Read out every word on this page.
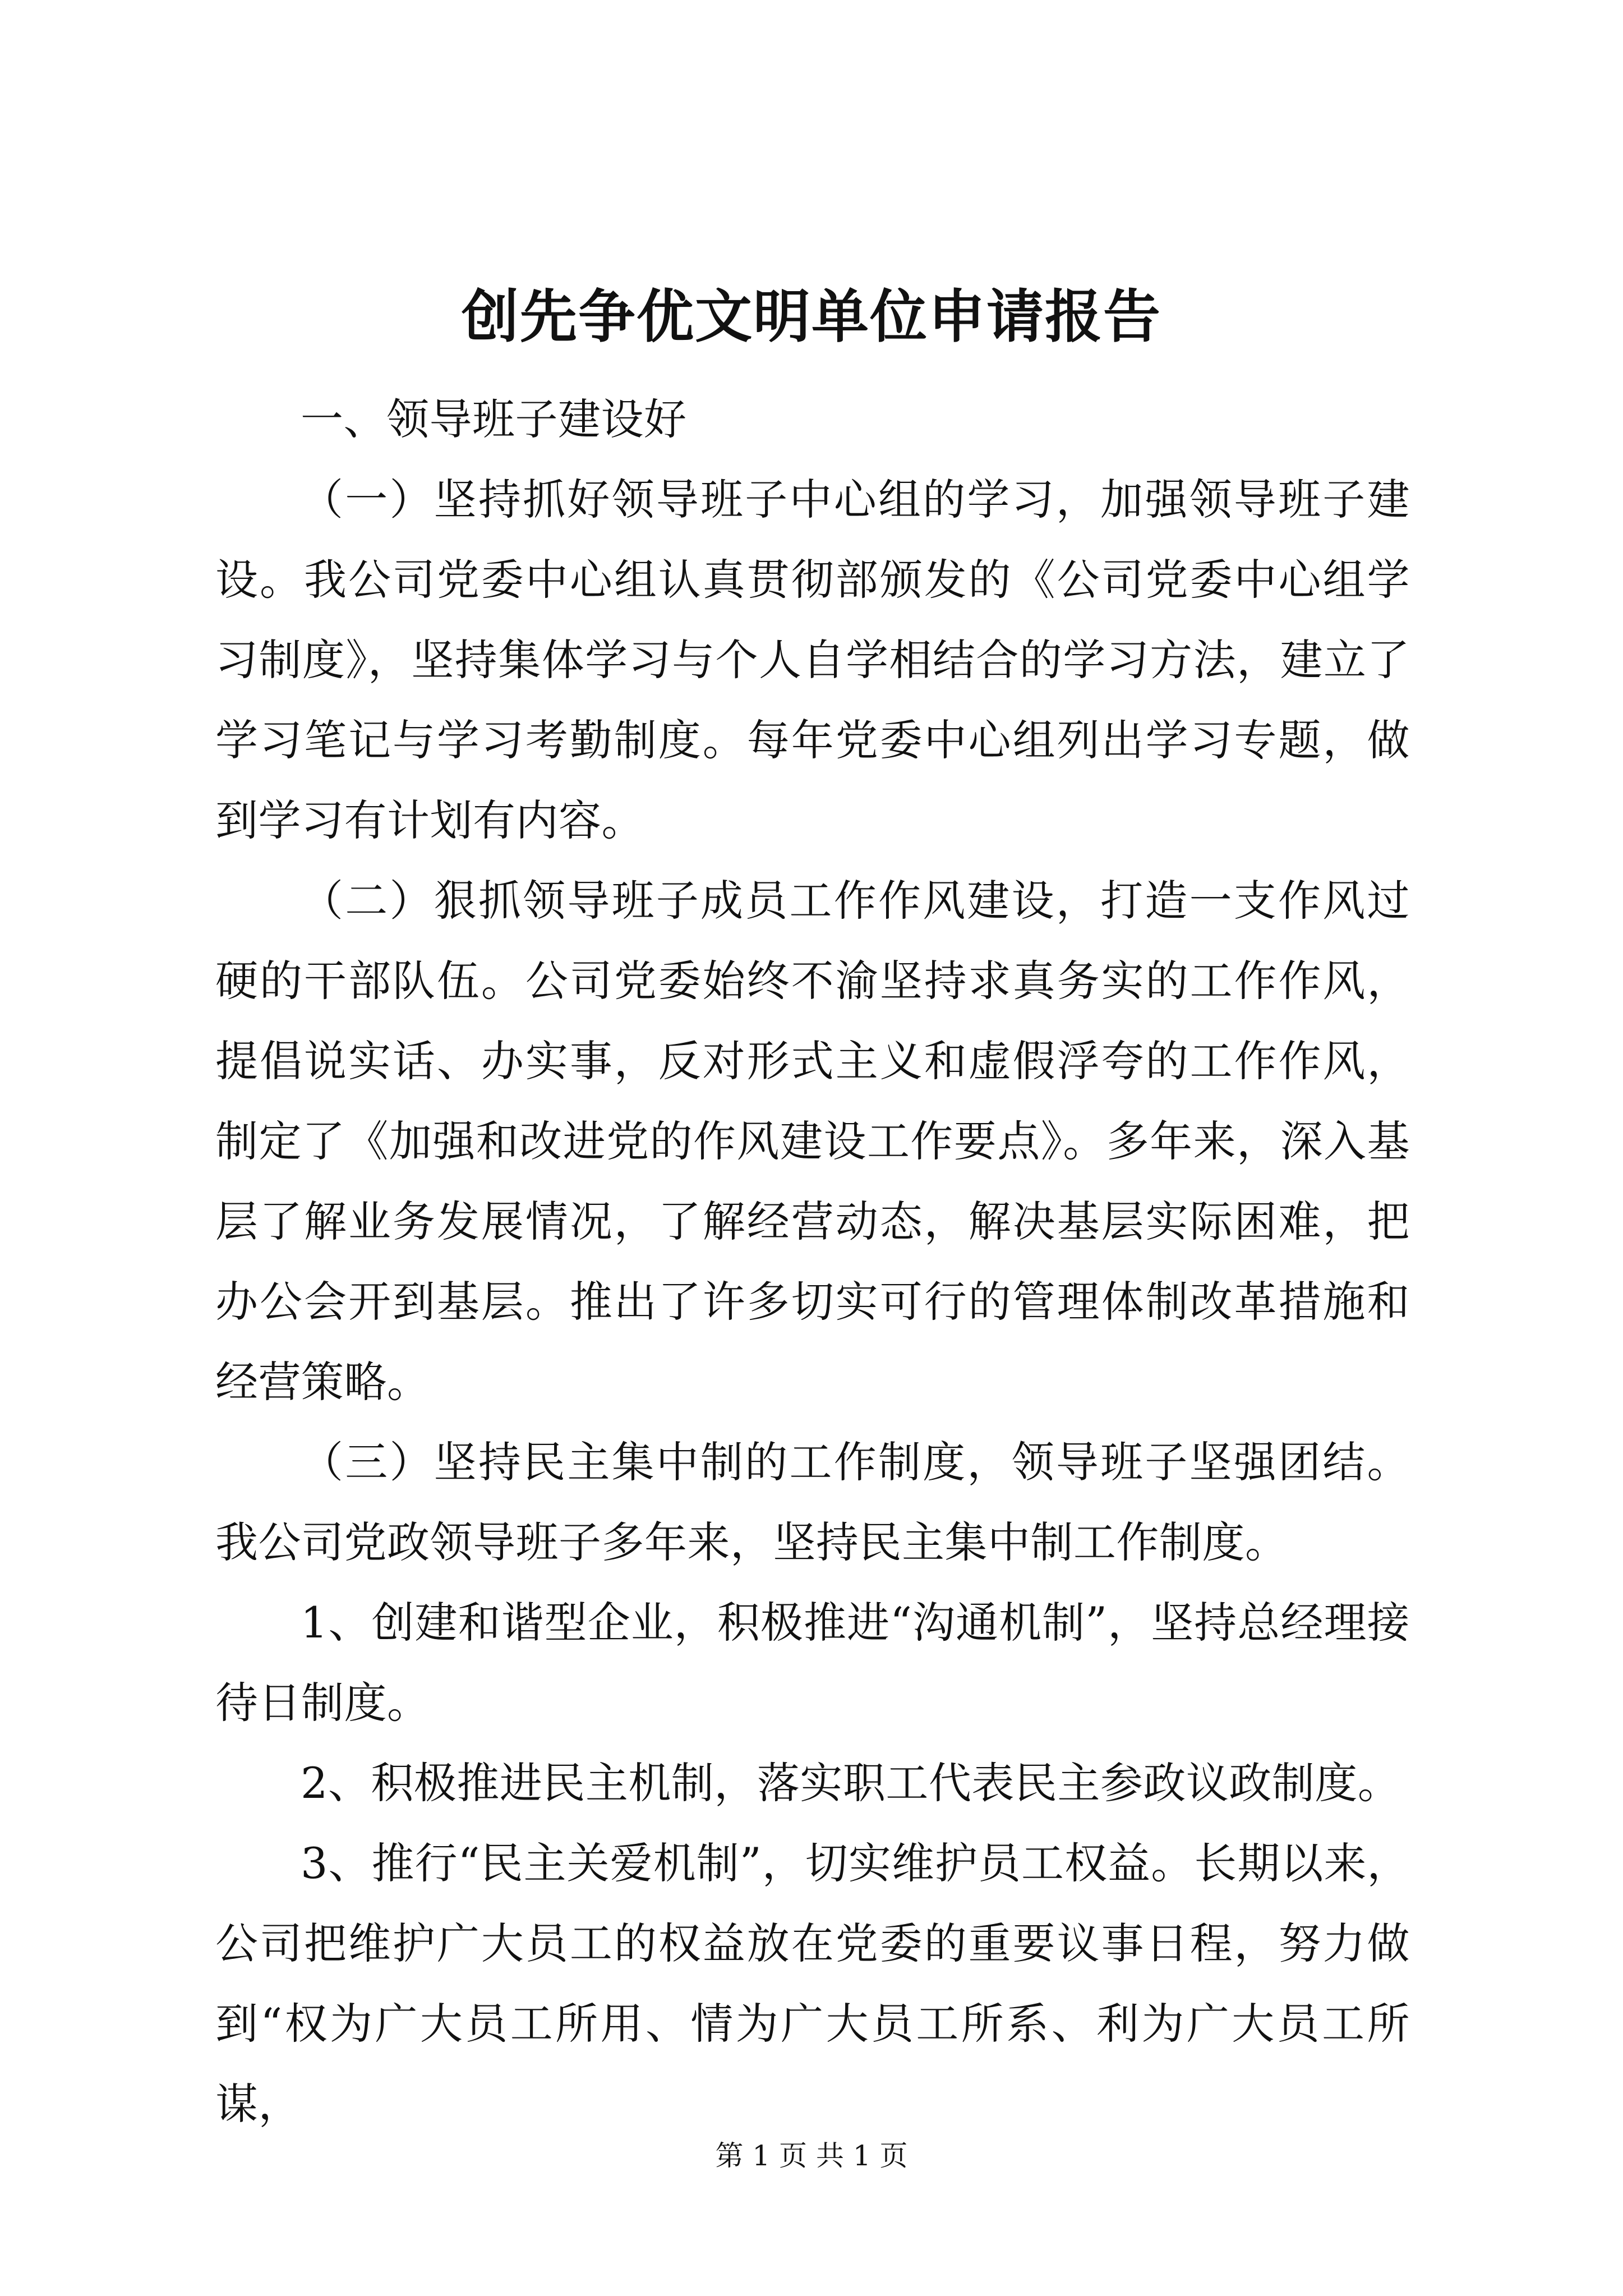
创先争优文明单位申请报告

一、领导班子建设好

（一）坚持抓好领导班子中心组的学习，加强领导班子建设。我公司党委中心组认真贯彻部颁发的《公司党委中心组学习制度》，坚持集体学习与个人自学相结合的学习方法，建立了学习笔记与学习考勤制度。每年党委中心组列出学习专题，做到学习有计划有内容。

（二）狠抓领导班子成员工作作风建设，打造一支作风过硬的干部队伍。公司党委始终不渝坚持求真务实的工作作风，提倡说实话、办实事，反对形式主义和虚假浮夸的工作作风，制定了《加强和改进党的作风建设工作要点》。多年来，深入基层了解业务发展情况，了解经营动态，解决基层实际困难，把办公会开到基层。推出了许多切实可行的管理体制改革措施和经营策略。

（三）坚持民主集中制的工作制度，领导班子坚强团结。我公司党政领导班子多年来，坚持民主集中制工作制度。

1、创建和谐型企业，积极推进“沟通机制”，坚持总经理接待日制度。

2、积极推进民主机制，落实职工代表民主参政议政制度。

3、推行“民主关爱机制”，切实维护员工权益。长期以来，公司把维护广大员工的权益放在党委的重要议事日程，努力做到“权为广大员工所用、情为广大员工所系、利为广大员工所谋，

第 1 页 共 1 页
